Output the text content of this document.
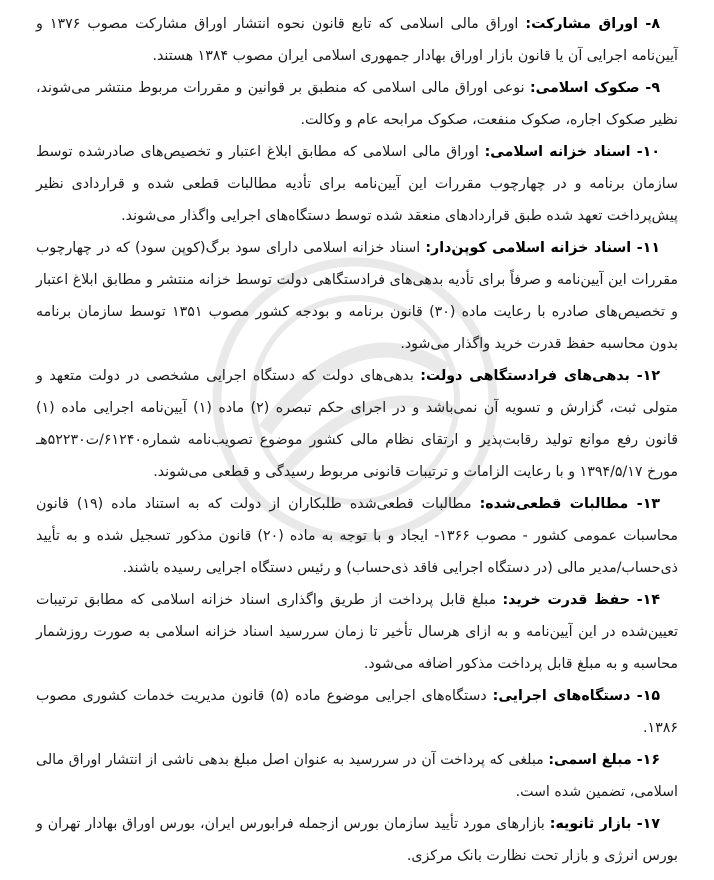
۸- اوراق مشارکت: اوراق مالی اسلامی که تابع قانون نحوه انتشار اوراق مشارکت مصوب ۱۳۷۶ و آیین‌نامه اجرایی آن یا قانون بازار اوراق بهادار جمهوری اسلامی ایران مصوب ۱۳۸۴ هستند.

۹- صکوک اسلامی: نوعی اوراق مالی اسلامی که منطبق بر قوانین و مقررات مربوط منتشر می‌شوند، نظیر صکوک اجاره، صکوک منفعت، صکوک مرابحه عام و وکالت.

۱۰- اسناد خزانه اسلامی: اوراق مالی اسلامی که مطابق ابلاغ اعتبار و تخصیص‌های صادرشده توسط سازمان برنامه و در چهارچوب مقررات این آیین‌نامه برای تأدیه مطالبات قطعی شده و قراردادی نظیر پیش‌پرداخت تعهد شده طبق قراردادهای منعقد شده توسط دستگاه‌های اجرایی واگذار می‌شوند.

۱۱- اسناد خزانه اسلامی کوپن‌دار: اسناد خزانه اسلامی دارای سود برگ(کوپن سود) که در چهارچوب مقررات این آیین‌نامه و صرفاً برای تأدیه بدهی‌های فرادستگاهی دولت توسط خزانه منتشر و مطابق ابلاغ اعتبار و تخصیص‌های صادره با رعایت ماده (۳۰) قانون برنامه و بودجه کشور مصوب ۱۳۵۱ توسط سازمان برنامه بدون محاسبه حفظ قدرت خرید واگذار می‌شود.

۱۲- بدهی‌های فرادستگاهی دولت: بدهی‌های دولت که دستگاه اجرایی مشخصی در دولت متعهد و متولی ثبت، گزارش و تسویه آن نمی‌باشد و در اجرای حکم تبصره (۲) ماده (۱) آیین‌نامه اجرایی ماده (۱) قانون رفع موانع تولید رقابت‌پذیر و ارتقای نظام مالی کشور موضوع تصویب‌نامه شماره۶۱۲۴۰/ت۵۲۲۳۰هـ مورخ ۱۳۹۴/۵/۱۷ و با رعایت الزامات و ترتیبات قانونی مربوط رسیدگی و قطعی می‌شوند.

۱۳- مطالبات قطعی‌شده: مطالبات قطعی‌شده طلبکاران از دولت که به استناد ماده (۱۹) قانون محاسبات عمومی کشور - مصوب ۱۳۶۶- ایجاد و با توجه به ماده (۲۰) قانون مذکور تسجیل شده و به تأیید ذی‌حساب/مدیر مالی (در دستگاه اجرایی فاقد ذی‌حساب) و رئیس دستگاه اجرایی رسیده باشند.

۱۴- حفظ قدرت خرید: مبلغ قابل پرداخت از طریق واگذاری اسناد خزانه اسلامی که مطابق ترتیبات تعیین‌شده در این آیین‌نامه و به ازای هرسال تأخیر تا زمان سررسید اسناد خزانه اسلامی به صورت روزشمار محاسبه و به مبلغ قابل پرداخت مذکور اضافه می‌شود.

۱۵- دستگاه‌های اجرایی: دستگاه‌های اجرایی موضوع ماده (۵) قانون مدیریت خدمات کشوری مصوب ۱۳۸۶.

۱۶- مبلغ اسمی: مبلغی که پرداخت آن در سررسید به عنوان اصل مبلغ بدهی ناشی از انتشار اوراق مالی اسلامی، تضمین شده است.

۱۷- بازار ثانویه: بازارهای مورد تأیید سازمان بورس ازجمله فرابورس ایران، بورس اوراق بهادار تهران و بورس انرژی و بازار تحت نظارت بانک مرکزی.
